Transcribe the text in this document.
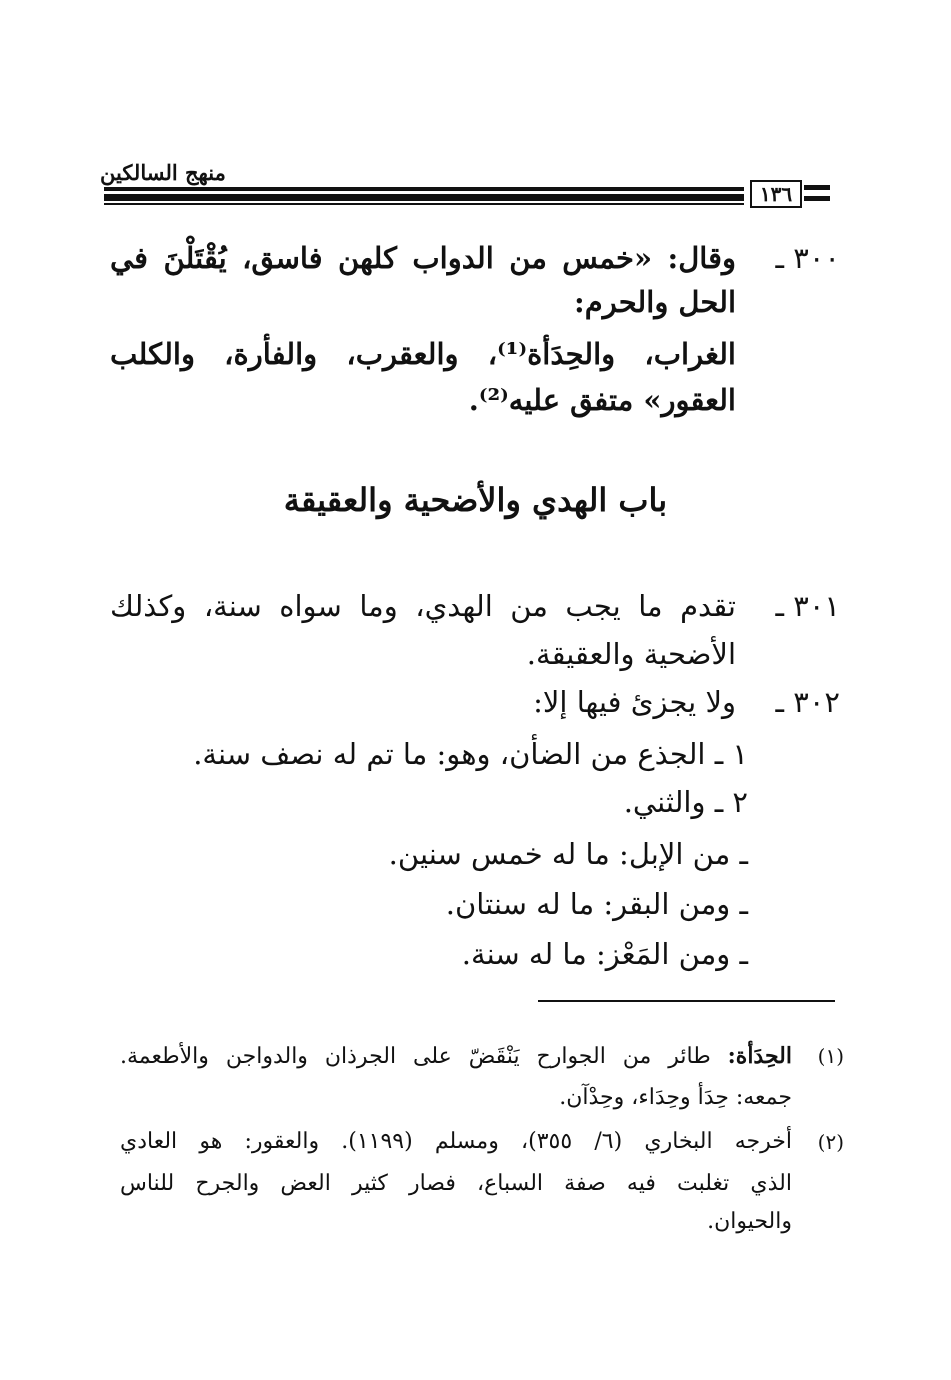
منهج السالكين
١٣٦
٣٠٠ ـ
وقال: «خمس من الدواب كلهن فاسق، يُقْتَلْنَ في
الحل والحرم:
الغراب، والحِدَأة⁽¹⁾، والعقرب، والفأرة، والكلب
العقور» متفق عليه⁽²⁾.
باب الهدي والأضحية والعقيقة
٣٠١ ـ
تقدم ما يجب من الهدي، وما سواه سنة، وكذلك
الأضحية والعقيقة.
٣٠٢ ـ
ولا يجزئ فيها إلا:
١ ـ الجذع من الضأن، وهو: ما تم له نصف سنة.
٢ ـ والثني.
ـ من الإبل: ما له خمس سنين.
ـ ومن البقر: ما له سنتان.
ـ ومن المَعْز: ما له سنة.
(١)
الحِدَأة: طائر من الجوارح يَنْقَضّ على الجرذان والدواجن والأطعمة.
جمعه: حِدَأ وحِدَاء، وحِدْآن.
(٢)
أخرجه البخاري (٦/ ٣٥٥)، ومسلم (١١٩٩). والعقور: هو العادي
الذي تغلبت فيه صفة السباع، فصار كثير العض والجرح للناس
والحيوان.
